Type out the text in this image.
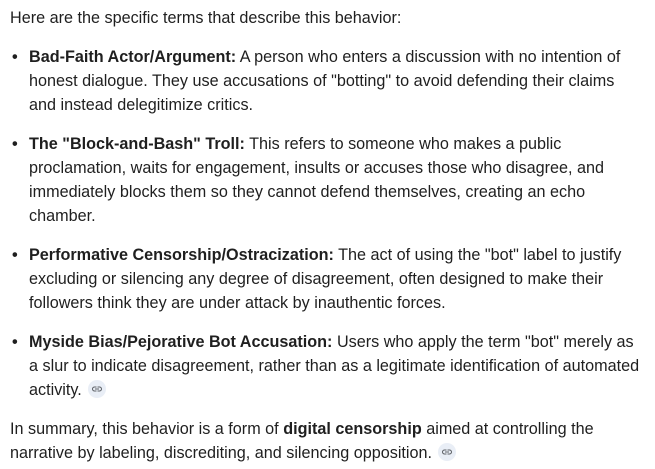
Here are the specific terms that describe this behavior:

• Bad-Faith Actor/Argument: A person who enters a discussion with no intention of honest dialogue. They use accusations of "botting" to avoid defending their claims and instead delegitimize critics.
• The "Block-and-Bash" Troll: This refers to someone who makes a public proclamation, waits for engagement, insults or accuses those who disagree, and immediately blocks them so they cannot defend themselves, creating an echo chamber.
• Performative Censorship/Ostracization: The act of using the "bot" label to justify excluding or silencing any degree of disagreement, often designed to make their followers think they are under attack by inauthentic forces.
• Myside Bias/Pejorative Bot Accusation: Users who apply the term "bot" merely as a slur to indicate disagreement, rather than as a legitimate identification of automated activity.

In summary, this behavior is a form of digital censorship aimed at controlling the narrative by labeling, discrediting, and silencing opposition.
